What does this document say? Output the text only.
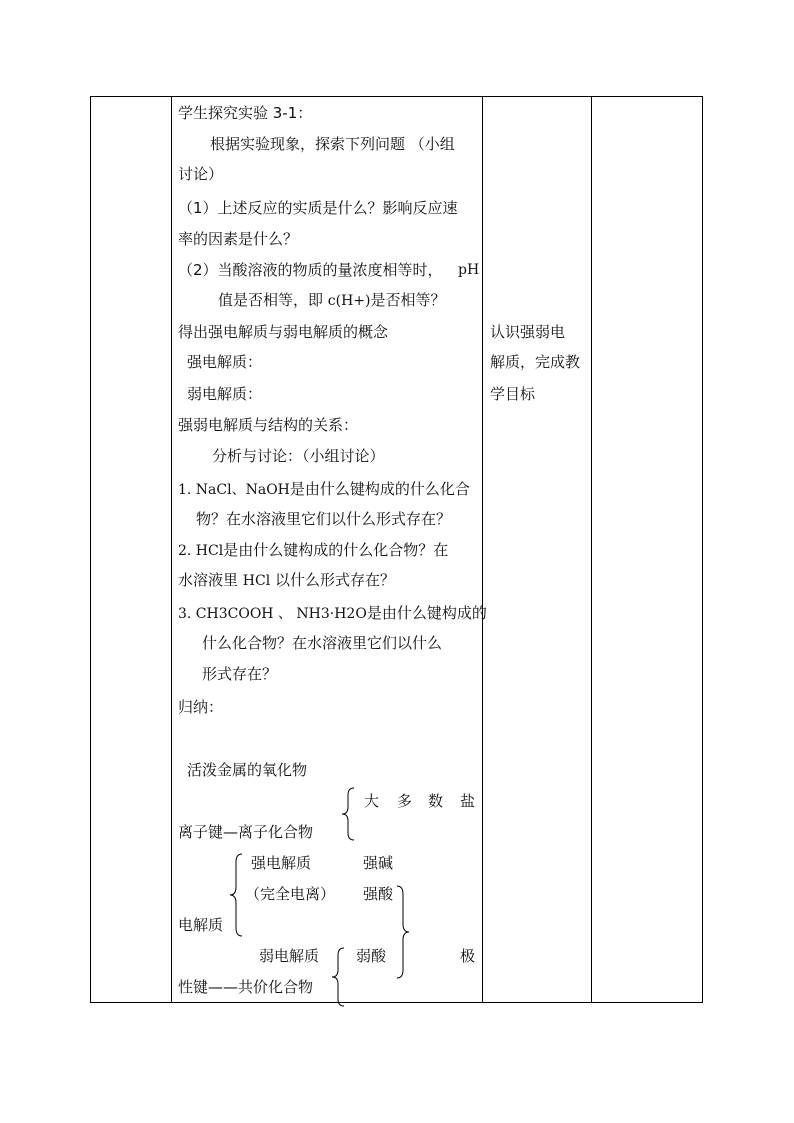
学生探究实验 3-1：
根据实验现象，探索下列问题 （小组
讨论）
（1）上述反应的实质是什么？影响反应速
率的因素是什么？
（2）当酸溶液的物质的量浓度相等时， pH
值是否相等，即 c(H+)是否相等？
得出强电解质与弱电解质的概念
强电解质：
弱电解质：
强弱电解质与结构的关系：
分析与讨论：（小组讨论）
1. NaCl、NaOH是由什么键构成的什么化合
物？在水溶液里它们以什么形式存在？
2. HCl是由什么键构成的什么化合物？在
水溶液里 HCl 以什么形式存在？
3. CH3COOH 、 NH3·H2O是由什么键构成的
什么化合物？在水溶液里它们以什么
形式存在？
归纳：
活泼金属的氧化物
大 多 数 盐
离子键—离子化合物
强电解质	强碱
（完全电离） 强酸
电解质
弱电解质 弱酸	极
性键——共价化合物
认识强弱电
解质，完成教
学目标
